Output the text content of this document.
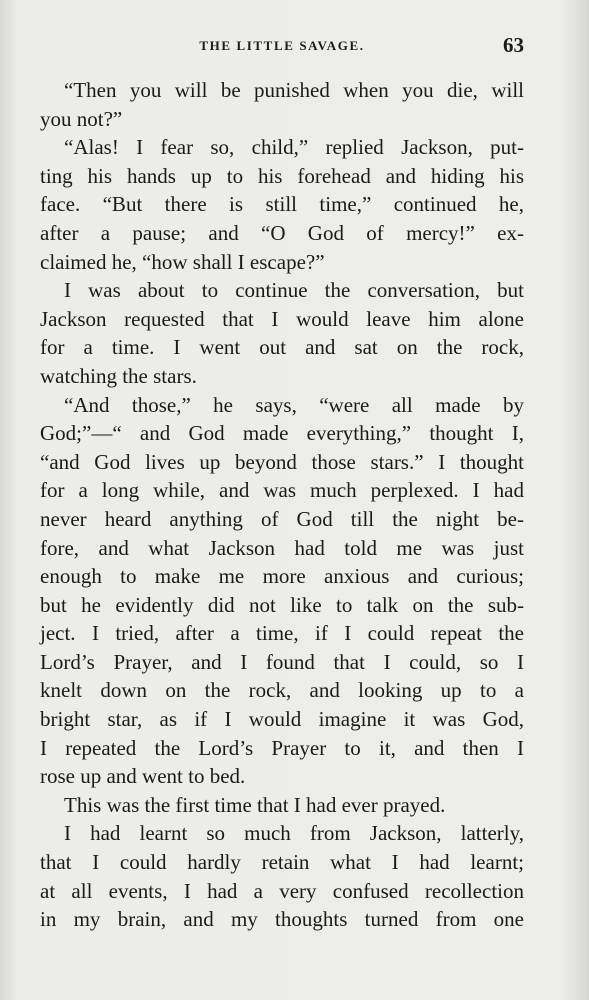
THE LITTLE SAVAGE.	63
“Then you will be punished when you die, will
you not?”
“Alas! I fear so, child,” replied Jackson, put-
ting his hands up to his forehead and hiding his
face. “But there is still time,” continued he,
after a pause; and “O God of mercy!” ex-
claimed he, “how shall I escape?”
I was about to continue the conversation, but
Jackson requested that I would leave him alone
for a time. I went out and sat on the rock,
watching the stars.
“And those,” he says, “were all made by
God;”—“ and God made everything,” thought I,
“and God lives up beyond those stars.” I thought
for a long while, and was much perplexed. I had
never heard anything of God till the night be-
fore, and what Jackson had told me was just
enough to make me more anxious and curious;
but he evidently did not like to talk on the sub-
ject. I tried, after a time, if I could repeat the
Lord’s Prayer, and I found that I could, so I
knelt down on the rock, and looking up to a
bright star, as if I would imagine it was God,
I repeated the Lord’s Prayer to it, and then I
rose up and went to bed.
This was the first time that I had ever prayed.
I had learnt so much from Jackson, latterly,
that I could hardly retain what I had learnt;
at all events, I had a very confused recollection
in my brain, and my thoughts turned from one
